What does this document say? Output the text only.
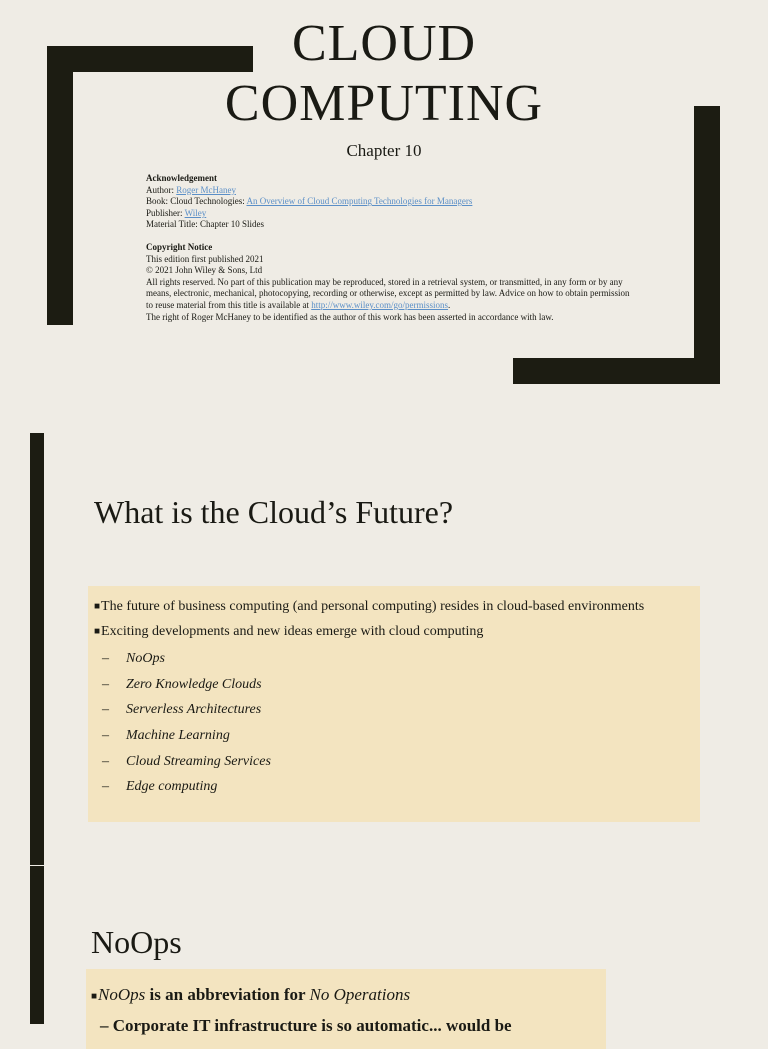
CLOUD
COMPUTING
Chapter 10
Acknowledgement
Author: Roger McHaney
Book: Cloud Technologies: An Overview of Cloud Computing Technologies for Managers
Publisher: Wiley
Material Title: Chapter 10 Slides
Copyright Notice
This edition first published 2021
© 2021 John Wiley & Sons, Ltd
All rights reserved. No part of this publication may be reproduced, stored in a retrieval system, or transmitted, in any form or by any means, electronic, mechanical, photocopying, recording or otherwise, except as permitted by law. Advice on how to obtain permission to reuse material from this title is available at http://www.wiley.com/go/permissions.
The right of Roger McHaney to be identified as the author of this work has been asserted in accordance with law.
What is the Cloud’s Future?
■The future of business computing (and personal computing) resides in cloud-based environments
■Exciting developments and new ideas emerge with cloud computing
– NoOps
– Zero Knowledge Clouds
– Serverless Architectures
– Machine Learning
– Cloud Streaming Services
– Edge computing
NoOps
■NoOps is an abbreviation for No Operations
– Corporate IT infrastructure is so automatic... would be
